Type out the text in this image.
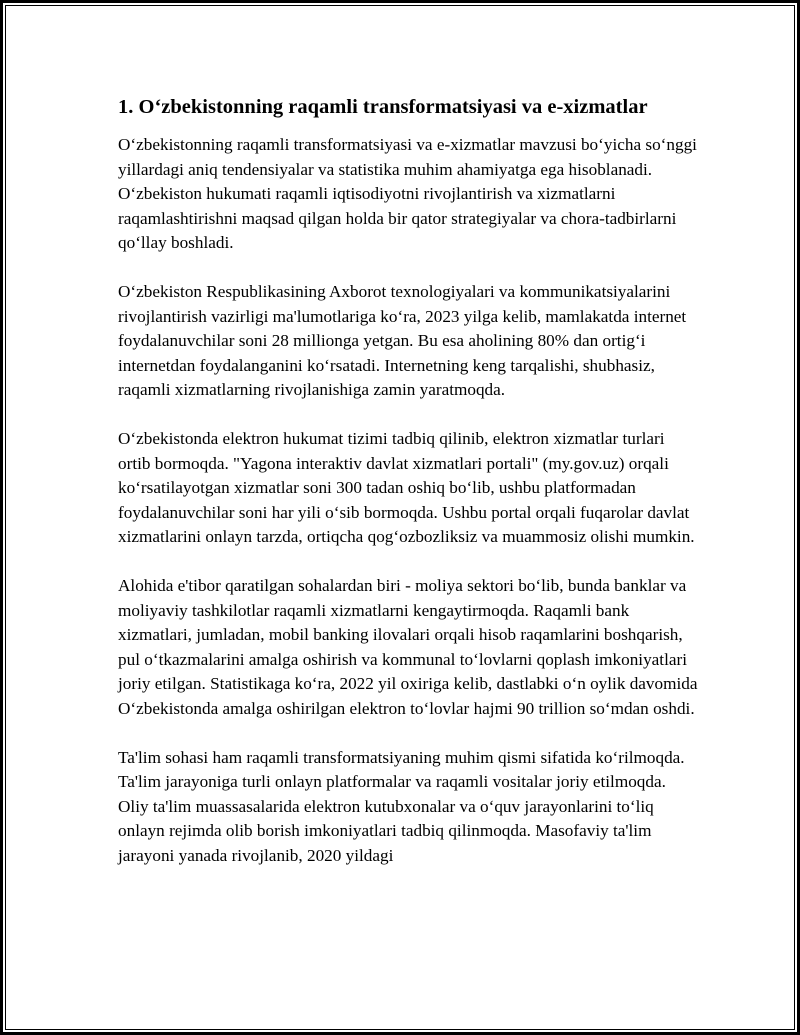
1. Oʻzbekistonning raqamli transformatsiyasi va e-xizmatlar

Oʻzbekistonning raqamli transformatsiyasi va e-xizmatlar mavzusi boʻyicha soʻnggi yillardagi aniq tendensiyalar va statistika muhim ahamiyatga ega hisoblanadi. Oʻzbekiston hukumati raqamli iqtisodiyotni rivojlantirish va xizmatlarni raqamlashtirishni maqsad qilgan holda bir qator strategiyalar va chora-tadbirlarni qoʻllay boshladi.

Oʻzbekiston Respublikasining Axborot texnologiyalari va kommunikatsiyalarini rivojlantirish vazirligi ma'lumotlariga koʻra, 2023 yilga kelib, mamlakatda internet foydalanuvchilar soni 28 millionga yetgan. Bu esa aholining 80% dan ortigʻi internetdan foydalanganini koʻrsatadi. Internetning keng tarqalishi, shubhasiz, raqamli xizmatlarning rivojlanishiga zamin yaratmoqda.

Oʻzbekistonda elektron hukumat tizimi tadbiq qilinib, elektron xizmatlar turlari ortib bormoqda. "Yagona interaktiv davlat xizmatlari portali" (my.gov.uz) orqali koʻrsatilayotgan xizmatlar soni 300 tadan oshiq boʻlib, ushbu platformadan foydalanuvchilar soni har yili oʻsib bormoqda. Ushbu portal orqali fuqarolar davlat xizmatlarini onlayn tarzda, ortiqcha qogʻozbozliksiz va muammosiz olishi mumkin.

Alohida e'tibor qaratilgan sohalardan biri - moliya sektori boʻlib, bunda banklar va moliyaviy tashkilotlar raqamli xizmatlarni kengaytirmoqda. Raqamli bank xizmatlari, jumladan, mobil banking ilovalari orqali hisob raqamlarini boshqarish, pul oʻtkazmalarini amalga oshirish va kommunal toʻlovlarni qoplash imkoniyatlari joriy etilgan. Statistikaga koʻra, 2022 yil oxiriga kelib, dastlabki oʻn oylik davomida Oʻzbekistonda amalga oshirilgan elektron toʻlovlar hajmi 90 trillion soʻmdan oshdi.

Ta'lim sohasi ham raqamli transformatsiyaning muhim qismi sifatida koʻrilmoqda. Ta'lim jarayoniga turli onlayn platformalar va raqamli vositalar joriy etilmoqda. Oliy ta'lim muassasalarida elektron kutubxonalar va oʻquv jarayonlarini toʻliq onlayn rejimda olib borish imkoniyatlari tadbiq qilinmoqda. Masofaviy ta'lim jarayoni yanada rivojlanib, 2020 yildagi
